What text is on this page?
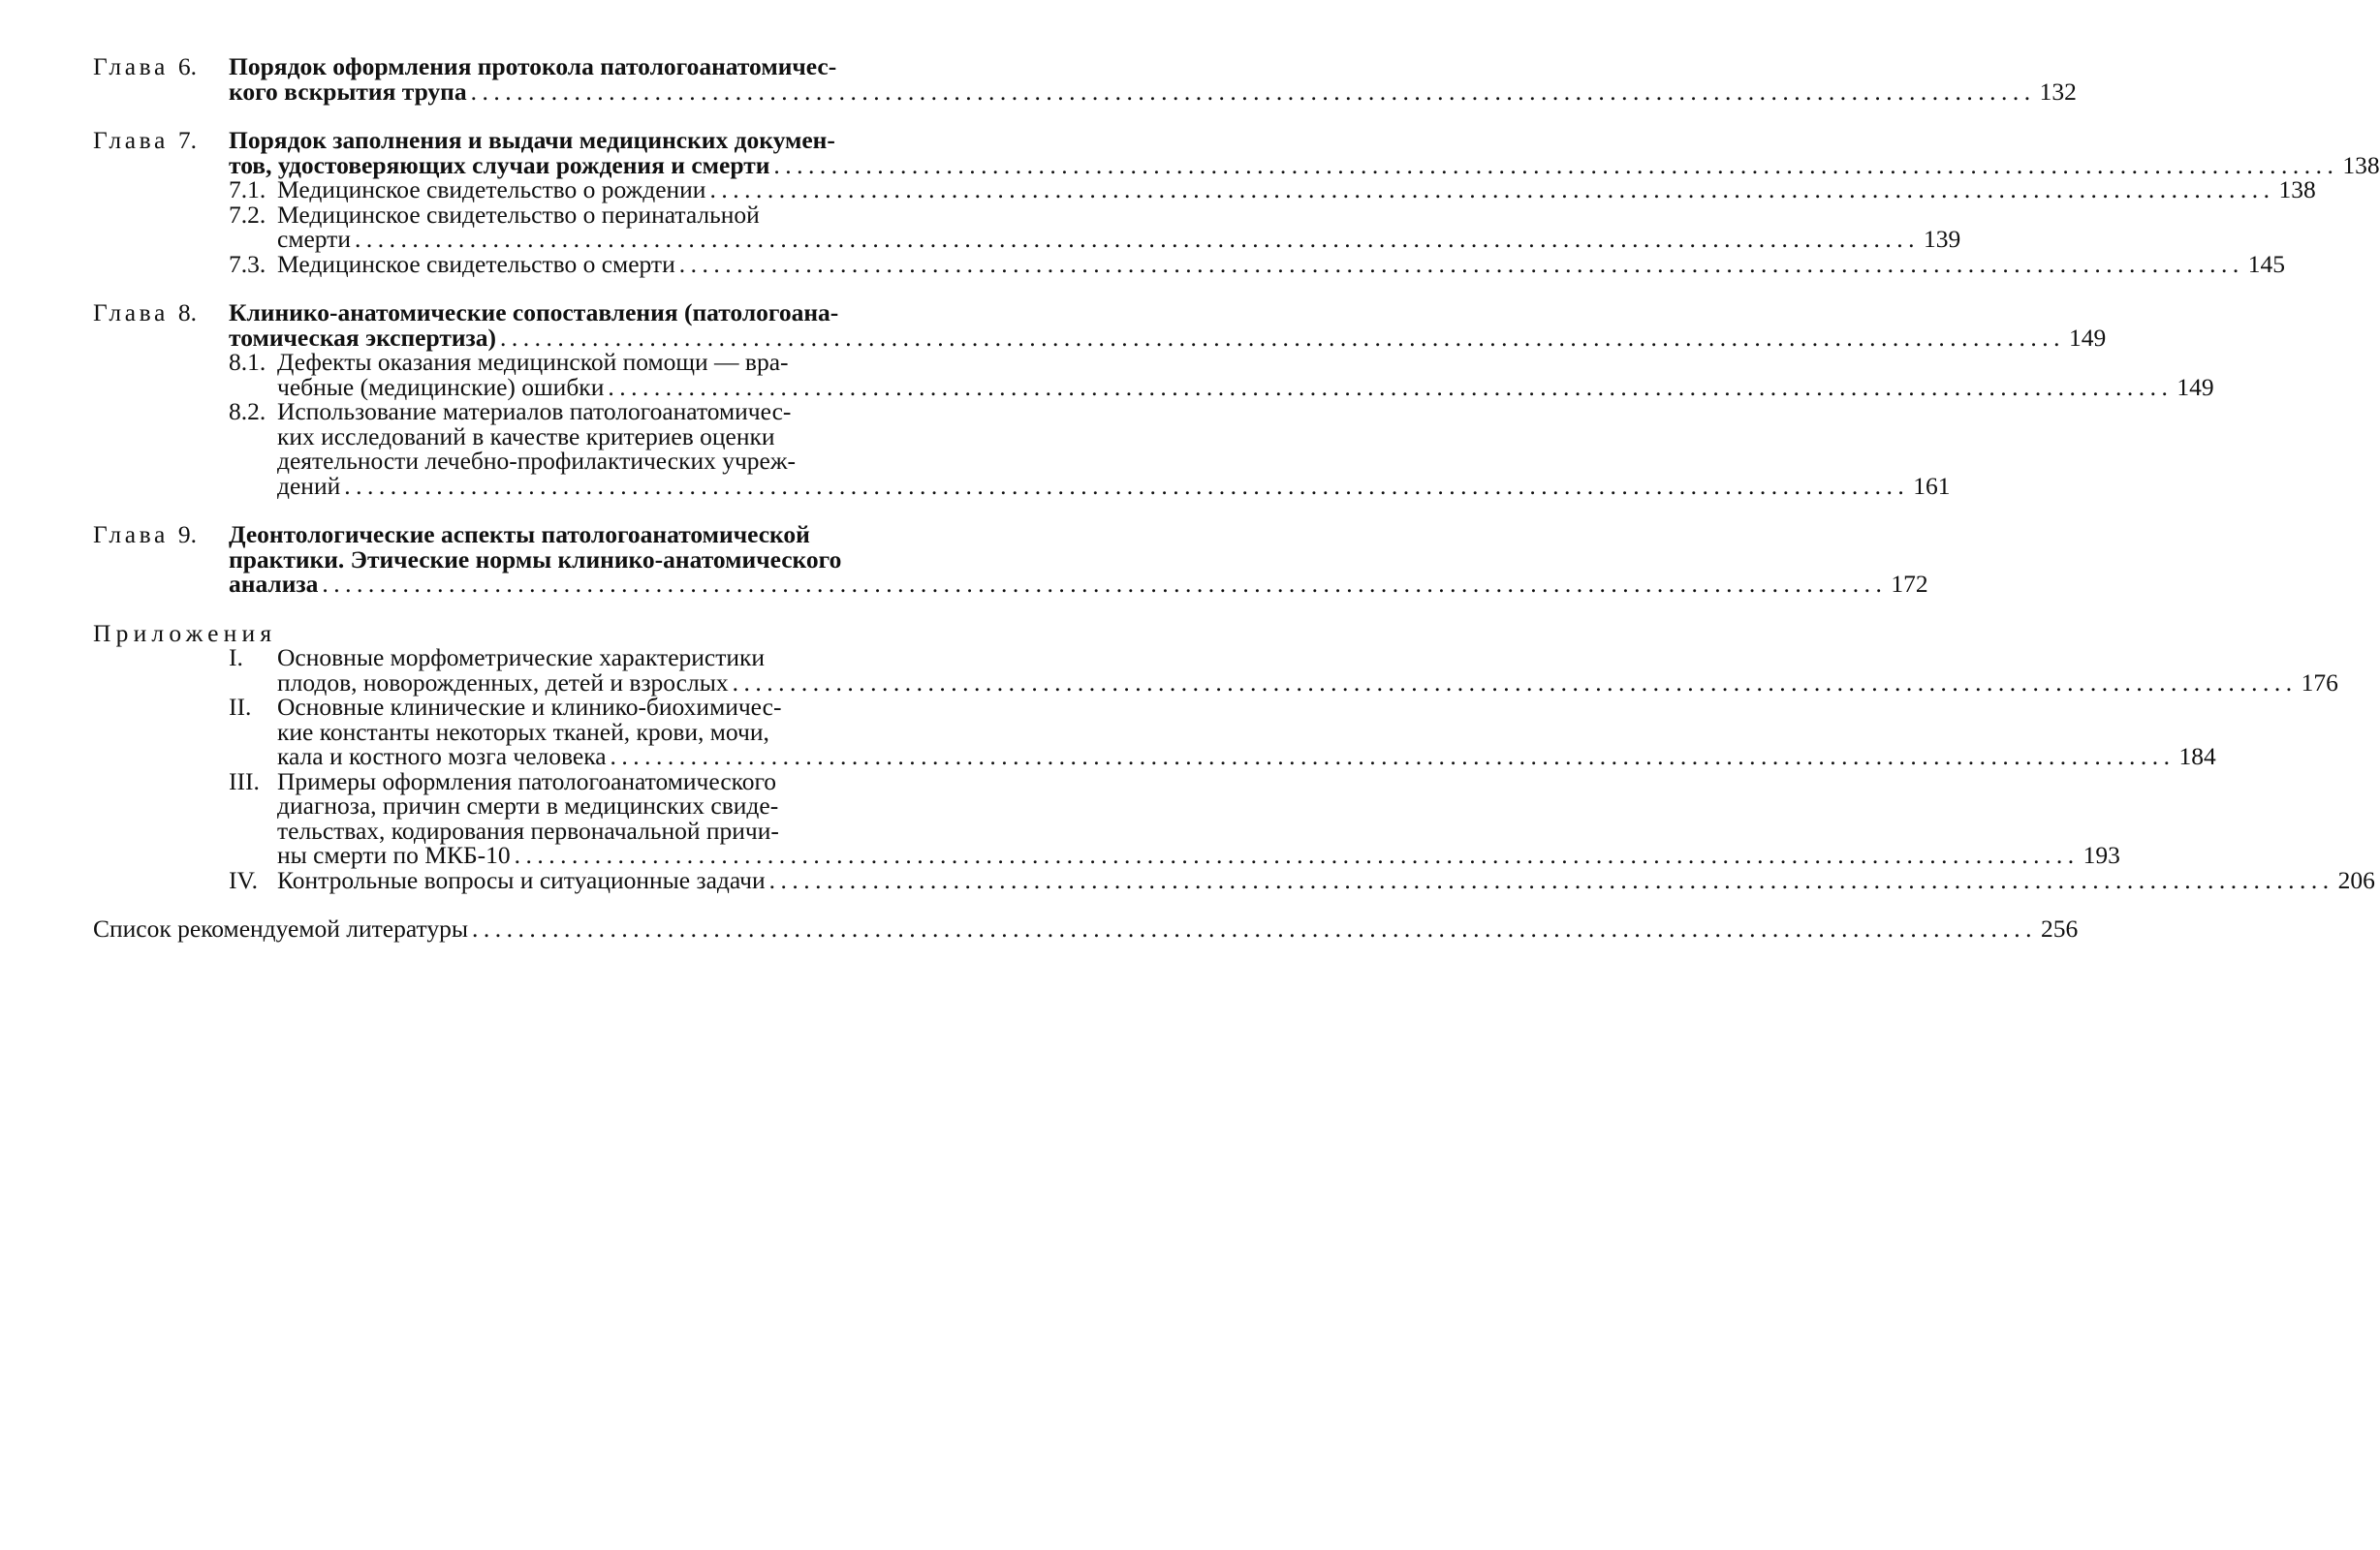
Глава 6. Порядок оформления протокола патологоанатомичес-
кого вскрытия трупа ........................................................................................................................................ 132
Глава 7. Порядок заполнения и выдачи медицинских докумен-
тов, удостоверяющих случаи рождения и смерти ........................................................................................................................................ 138
7.1. Медицинское свидетельство о рождении ........................................................................................................................................ 138
7.2. Медицинское свидетельство о перинатальной
смерти ........................................................................................................................................ 139
7.3. Медицинское свидетельство о смерти ........................................................................................................................................ 145
Глава 8. Клинико-анатомические сопоставления (патологоана-
томическая экспертиза) ........................................................................................................................................ 149
8.1. Дефекты оказания медицинской помощи — вра-
чебные (медицинские) ошибки ........................................................................................................................................ 149
8.2. Использование материалов патологоанатомичес-
ких исследований в качестве критериев оценки
деятельности лечебно-профилактических учреж-
дений ........................................................................................................................................ 161
Глава 9. Деонтологические аспекты патологоанатомической
практики. Этические нормы клинико-анатомического
анализа ........................................................................................................................................ 172
Приложения
I. Основные морфометрические характеристики
плодов, новорожденных, детей и взрослых ........................................................................................................................................ 176
II. Основные клинические и клинико-биохимичес-
кие константы некоторых тканей, крови, мочи,
кала и костного мозга человека ........................................................................................................................................ 184
III. Примеры оформления патологоанатомического
диагноза, причин смерти в медицинских свиде-
тельствах, кодирования первоначальной причи-
ны смерти по МКБ-10 ........................................................................................................................................ 193
IV. Контрольные вопросы и ситуационные задачи ........................................................................................................................................ 206
Список рекомендуемой литературы ........................................................................................................................................ 256
